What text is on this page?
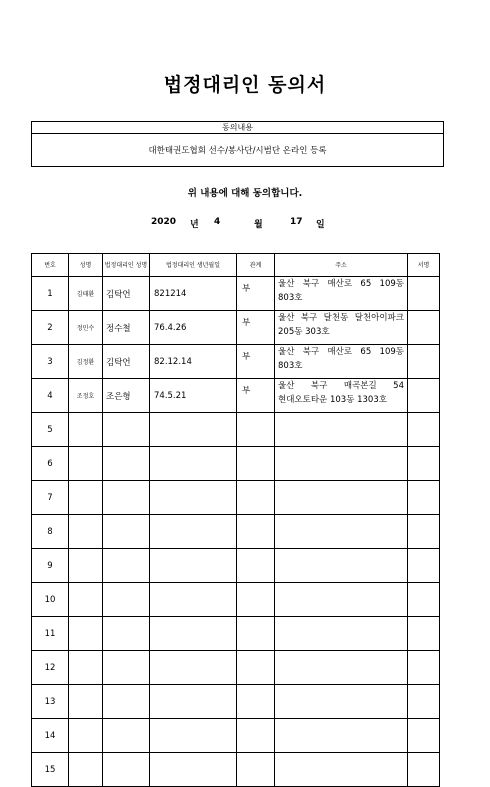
법정대리인 동의서
동의내용
대한태권도협회 선수/봉사단/시범단 온라인 등록
위 내용에 대해 동의합니다.
2020 년 4	월	17 일
번호	성명	법정대리인 성명	법정대리인 생년월일	관계	주소	서명
1	김태환	김탁언	821214	부	울산 북구 매산로 65 109동 803호	
2	정민수	정수철	76.4.26	부	울산 북구 달천동 달천아이파크 205동 303호	
3	김정환	김탁언	82.12.14	부	울산 북구 매산로 65 109동 803호	
4	조정호	조은형	74.5.21	부	울산 북구 매곡본길 54 현대오토타운 103동 1303호	
5						
6						
7						
8						
9						
10						
11						
12						
13						
14						
15						
